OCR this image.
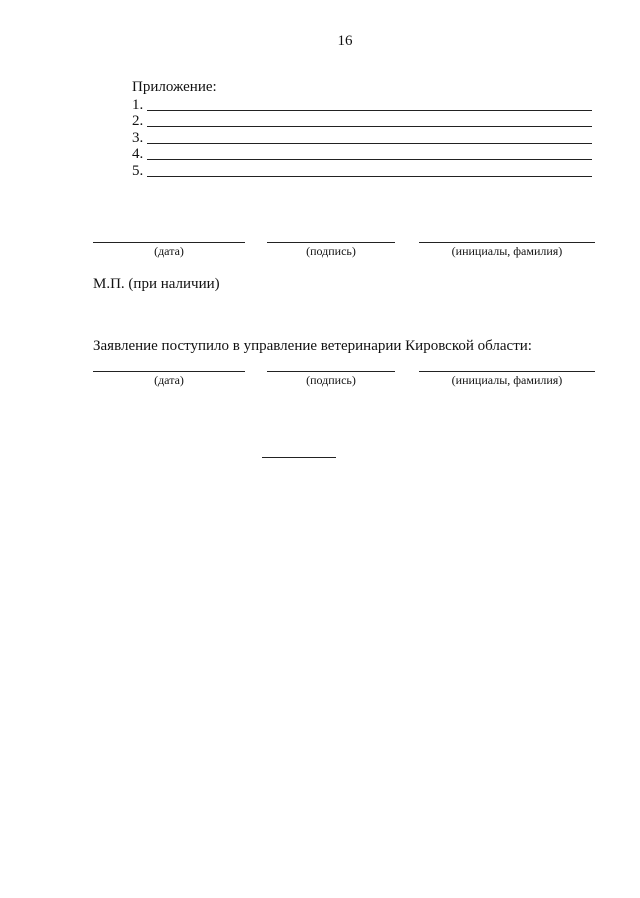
16
Приложение:
1.
2.
3.
4.
5.
(дата)	(подпись)	(инициалы, фамилия)
М.П. (при наличии)
Заявление поступило в управление ветеринарии Кировской области:
(дата)	(подпись)	(инициалы, фамилия)
